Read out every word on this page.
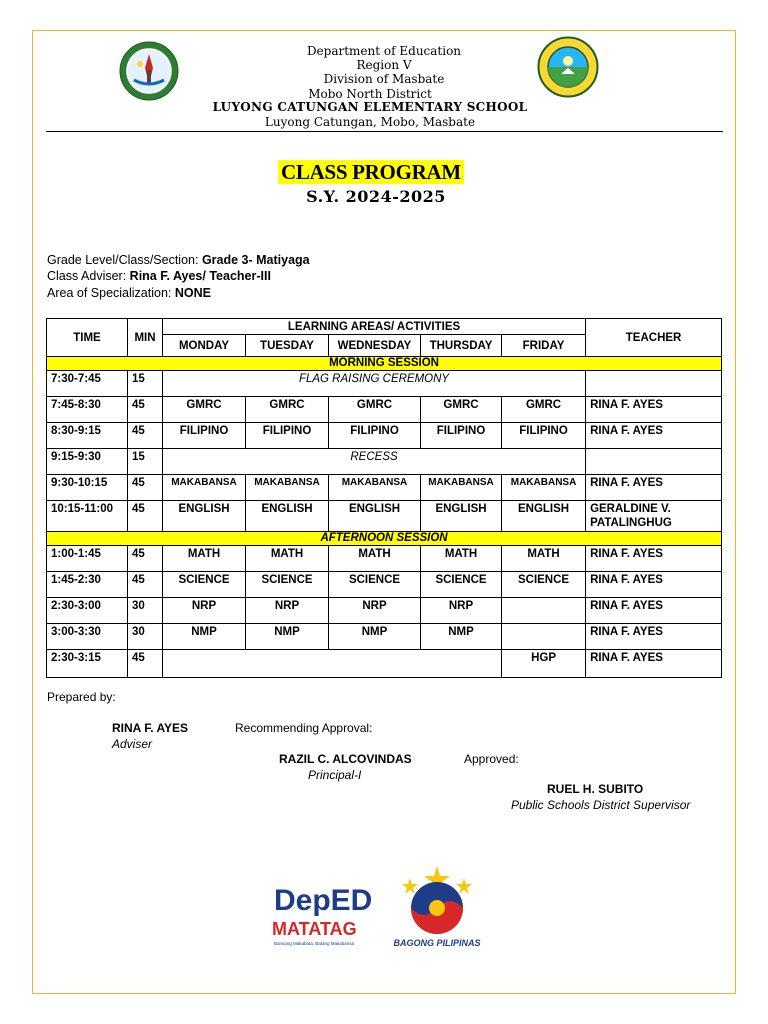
Department of Education
Region V
Division of Masbate
Mobo North District
LUYONG CATUNGAN ELEMENTARY SCHOOL
Luyong Catungan, Mobo, Masbate
CLASS PROGRAM
S.Y. 2024-2025
Grade Level/Class/Section: Grade 3- Matiyaga
Class Adviser: Rina F. Ayes/ Teacher-III
Area of Specialization: NONE
TIME	MIN	LEARNING AREAS/ ACTIVITIES					TEACHER
		MONDAY	TUESDAY	WEDNESDAY	THURSDAY	FRIDAY	
MORNING SESSION							
7:30-7:45	15	FLAG RAISING CEREMONY					
7:45-8:30	45	GMRC	GMRC	GMRC	GMRC	GMRC	RINA F. AYES
8:30-9:15	45	FILIPINO	FILIPINO	FILIPINO	FILIPINO	FILIPINO	RINA F. AYES
9:15-9:30	15	RECESS					
9:30-10:15	45	MAKABANSA	MAKABANSA	MAKABANSA	MAKABANSA	MAKABANSA	RINA F. AYES
10:15-11:00	45	ENGLISH	ENGLISH	ENGLISH	ENGLISH	ENGLISH	GERALDINE V. PATALINGHUG
AFTERNOON SESSION							
1:00-1:45	45	MATH	MATH	MATH	MATH	MATH	RINA F. AYES
1:45-2:30	45	SCIENCE	SCIENCE	SCIENCE	SCIENCE	SCIENCE	RINA F. AYES
2:30-3:00	30	NRP	NRP	NRP	NRP		RINA F. AYES
3:00-3:30	30	NMP	NMP	NMP	NMP		RINA F. AYES
2:30-3:15	45					HGP	RINA F. AYES
Prepared by:
RINA F. AYES
Adviser
Recommending Approval:
RAZIL C. ALCOVINDAS
Principal-I
Approved:
RUEL H. SUBITO
Public Schools District Supervisor
DepED
MATATAG
Bansang Makabata, Batang Makabansa	BAGONG PILIPINAS
